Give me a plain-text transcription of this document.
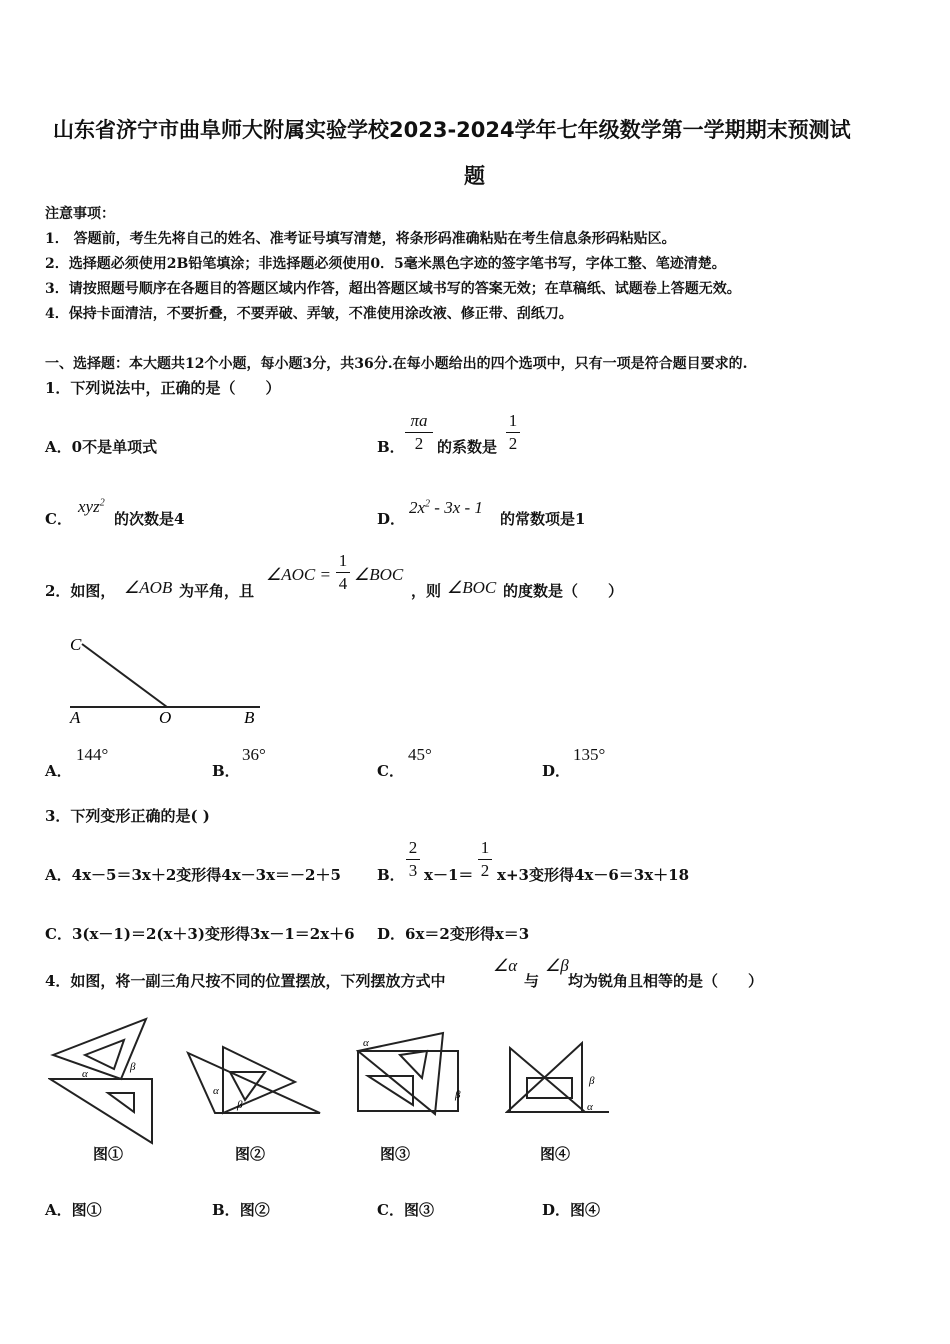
山东省济宁市曲阜师大附属实验学校2023-2024学年七年级数学第一学期期末预测试
题
注意事项：
1． 答题前，考生先将自己的姓名、准考证号填写清楚，将条形码准确粘贴在考生信息条形码粘贴区。
2．选择题必须使用2B铅笔填涂；非选择题必须使用0．5毫米黑色字迹的签字笔书写，字体工整、笔迹清楚。
3．请按照题号顺序在各题目的答题区域内作答，超出答题区域书写的答案无效；在草稿纸、试题卷上答题无效。
4．保持卡面清洁，不要折叠，不要弄破、弄皱，不准使用涂改液、修正带、刮纸刀。
一、选择题：本大题共12个小题，每小题3分，共36分.在每小题给出的四个选项中，只有一项是符合题目要求的.
1．下列说法中，正确的是（　　）
A．0不是单项式	B．
πa
2 的系数是
1
2
C．
xyz$^2$
的次数是4	D．
$2x^2 - 3x - 1$
的常数项是1
2．如图， ∠AOB 为平角，且
∠AOC =
1
4 ∠BOC
，则 ∠BOC 的度数是（　　）
C
A	O	B
A．
144°
B．
36°
C．
45°
D．
135°
3．下列变形正确的是( )
A．4x－5＝3x＋2变形得4x－3x＝－2＋5 B．
2
3 x－1＝
1
2 x+3变形得4x－6＝3x＋18
C．3(x－1)＝2(x＋3)变形得3x－1＝2x＋6 D．6x＝2变形得x＝3
4．如图，将一副三角尺按不同的位置摆放，下列摆放方式中
∠α
与
∠β
均为锐角且相等的是（　　）
α
β
α
β
α
β
β
α
图①	图②	图③	图④
A．图①	B．图②	C．图③	D．图④
